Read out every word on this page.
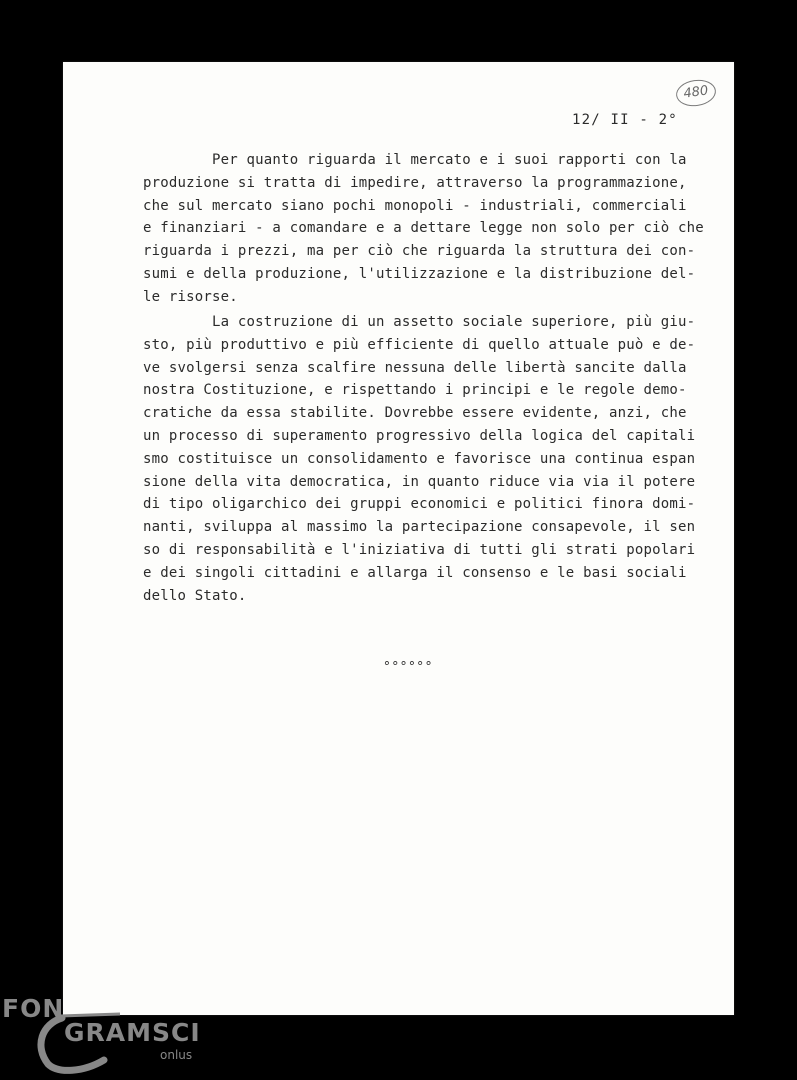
480
12/ II - 2°
Per quanto riguarda il mercato e i suoi rapporti con la
produzione si tratta di impedire, attraverso la programmazione,
che sul mercato siano pochi monopoli - industriali, commerciali
e finanziari - a comandare e a dettare legge non solo per ciò che
riguarda i prezzi, ma per ciò che riguarda la struttura dei con-
sumi e della produzione, l'utilizzazione e la distribuzione del-
le risorse.
La costruzione di un assetto sociale superiore, più giu-
sto, più produttivo e più efficiente di quello attuale può e de-
ve svolgersi senza scalfire nessuna delle libertà sancite dalla
nostra Costituzione, e rispettando i principi e le regole demo-
cratiche da essa stabilite. Dovrebbe essere evidente, anzi, che
un processo di superamento progressivo della logica del capitali
smo costituisce un consolidamento e favorisce una continua espan
sione della vita democratica, in quanto riduce via via il potere
di tipo oligarchico dei gruppi economici e politici finora domi-
nanti, sviluppa al massimo la partecipazione consapevole, il sen
so di responsabilità e l'iniziativa di tutti gli strati popolari
e dei singoli cittadini e allarga il consenso e le basi sociali
dello Stato.
°°°°°°
FON
GRAMSCI
onlus
